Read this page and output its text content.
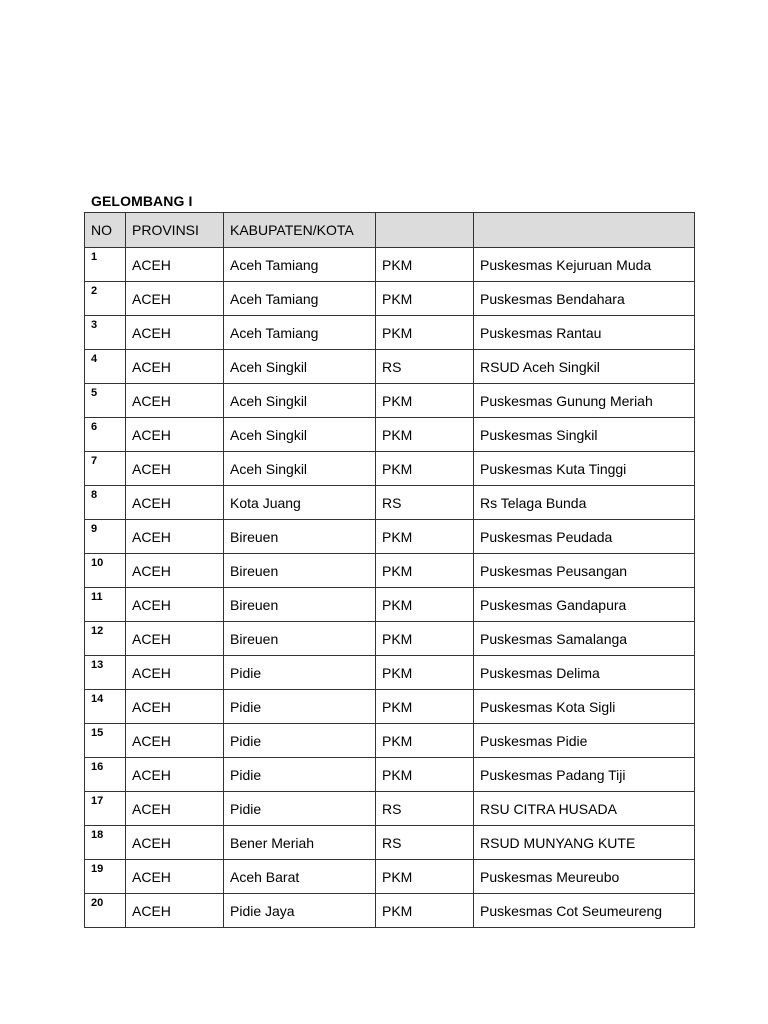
GELOMBANG I
NO	PROVINSI	KABUPATEN/KOTA		
1	ACEH	Aceh Tamiang	PKM	Puskesmas Kejuruan Muda
2	ACEH	Aceh Tamiang	PKM	Puskesmas Bendahara
3	ACEH	Aceh Tamiang	PKM	Puskesmas Rantau
4	ACEH	Aceh Singkil	RS	RSUD Aceh Singkil
5	ACEH	Aceh Singkil	PKM	Puskesmas Gunung Meriah
6	ACEH	Aceh Singkil	PKM	Puskesmas Singkil
7	ACEH	Aceh Singkil	PKM	Puskesmas Kuta Tinggi
8	ACEH	Kota Juang	RS	Rs Telaga Bunda
9	ACEH	Bireuen	PKM	Puskesmas Peudada
10	ACEH	Bireuen	PKM	Puskesmas Peusangan
11	ACEH	Bireuen	PKM	Puskesmas Gandapura
12	ACEH	Bireuen	PKM	Puskesmas Samalanga
13	ACEH	Pidie	PKM	Puskesmas Delima
14	ACEH	Pidie	PKM	Puskesmas Kota Sigli
15	ACEH	Pidie	PKM	Puskesmas Pidie
16	ACEH	Pidie	PKM	Puskesmas Padang Tiji
17	ACEH	Pidie	RS	RSU CITRA HUSADA
18	ACEH	Bener Meriah	RS	RSUD MUNYANG KUTE
19	ACEH	Aceh Barat	PKM	Puskesmas Meureubo
20	ACEH	Pidie Jaya	PKM	Puskesmas Cot Seumeureng
